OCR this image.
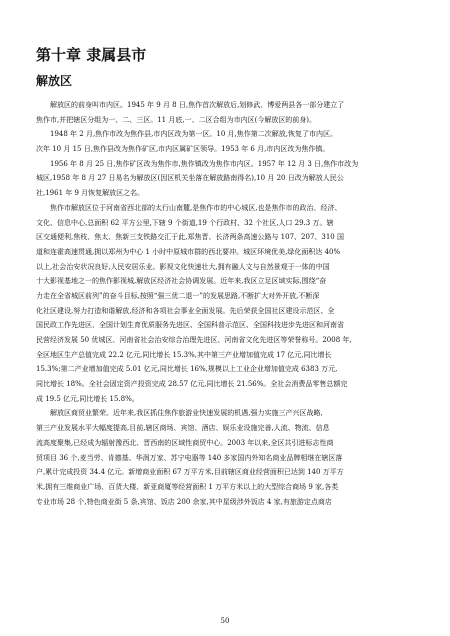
第十章 隶属县市
解放区

解放区的前身叫市内区。1945 年 9 月 8 日,焦作首次解放后,划修武、博爱两县各一部分建立了
焦作市,并把辖区分组为一、二、三区。11 月底,一、二区合组为市内区(今解放区的前身)。

1948 年 2 月,焦作市改为焦作县,市内区改为第一区。10 月,焦作第二次解放,恢复了市内区。

次年 10 月 15 日,焦作县改为焦作矿区,市内区属矿区领导。1953 年 6 月,市内区改为焦作镇。

1956 年 8 月 25 日,焦作矿区改为焦作市,焦作镇改为焦作市内区。1957 年 12 月 3 日,焦作市改为
城区,1958 年 8 月 27 日易名为解放区(因区机关坐落在解放路南得名),10 月 20 日改为解放人民公
社,1961 年 9 月恢复解放区之名。

焦作市解放区位于河南省西北部的太行山南麓,是焦作市的中心城区,也是焦作市的政治、经济、
文化、信息中心,总面积 62 平方公里,下辖 9 个街道,19 个行政村、32 个社区,人口 29.3 万。辖
区交通便利,焦枝、焦太、焦新三支铁路交汇于此,郑焦晋、长济两条高速公路与 107、207、310 国
道和连霍高速贯通,拥以郑州为中心 1 小时中原城市群的西北要冲。城区环境优美,绿化面积达 40%
以上,社会治安状况良好,人民安居乐业。影视文化快速壮大,拥有融人文与自然景观于一体的中国
十大影视基地之一的焦作影视城,解放区经济社会协调发展。近年来,我区立足区域实际,围绕“奋
力走在全省城区前列”的奋斗目标,按照“强三优二退一”的发展思路,不断扩大对外开放,不断深
化社区建设,努力打造和谐解放,经济和各项社会事业全面发展。先后荣获全国社区建设示范区、全
国民政工作先进区、全国计划生育优质服务先进区、全国科普示范区、全国科技进步先进区和河南省
民营经济发展 50 优城区、河南省社会治安综合治理先进区、河南省文化先进区等荣誉称号。2008 年,
全区地区生产总值完成 22.2 亿元,同比增长 15.3%,其中第三产业增加值完成 17 亿元,同比增长
15.3%;第二产业增加值完成 5.01 亿元,同比增长 16%,规模以上工业企业增加值完成 6383 万元,
同比增长 18%。全社会固定资产投资完成 28.57 亿元,同比增长 21.56%。全社会消费品零售总额完
成 19.5 亿元,同比增长 15.8%。

解放区商贸业繁荣。近年来,我区抓住焦作旅游业快速发展的机遇,强力实施三产兴区战略,
第三产业发展水平大幅度提高,目前,辖区商场、宾馆、酒店、娱乐业设施完善,人流、物流、信息
流高度聚集,已经成为辐射豫西北、晋西南的区域性商贸中心。2003 年以来,全区共引进标志性商
贸项目 36 个,麦当劳、肯德基、华润万家、苏宁电器等 140 多家国内外知名商业品牌相继在辖区落
户,累计完成投资 34.4 亿元。新增商业面积 67 万平方米,目前辖区商业经营面积已达到 140 万平方
米,拥有三维商业广场、百货大楼、新亚商厦等经营面积 1 万平方米以上的大型综合商场 9 家,各类
专业市场 28 个,特色商业街 5 条,宾馆、饭店 200 余家,其中星级涉外饭店 4 家,有旅游定点商店

50
